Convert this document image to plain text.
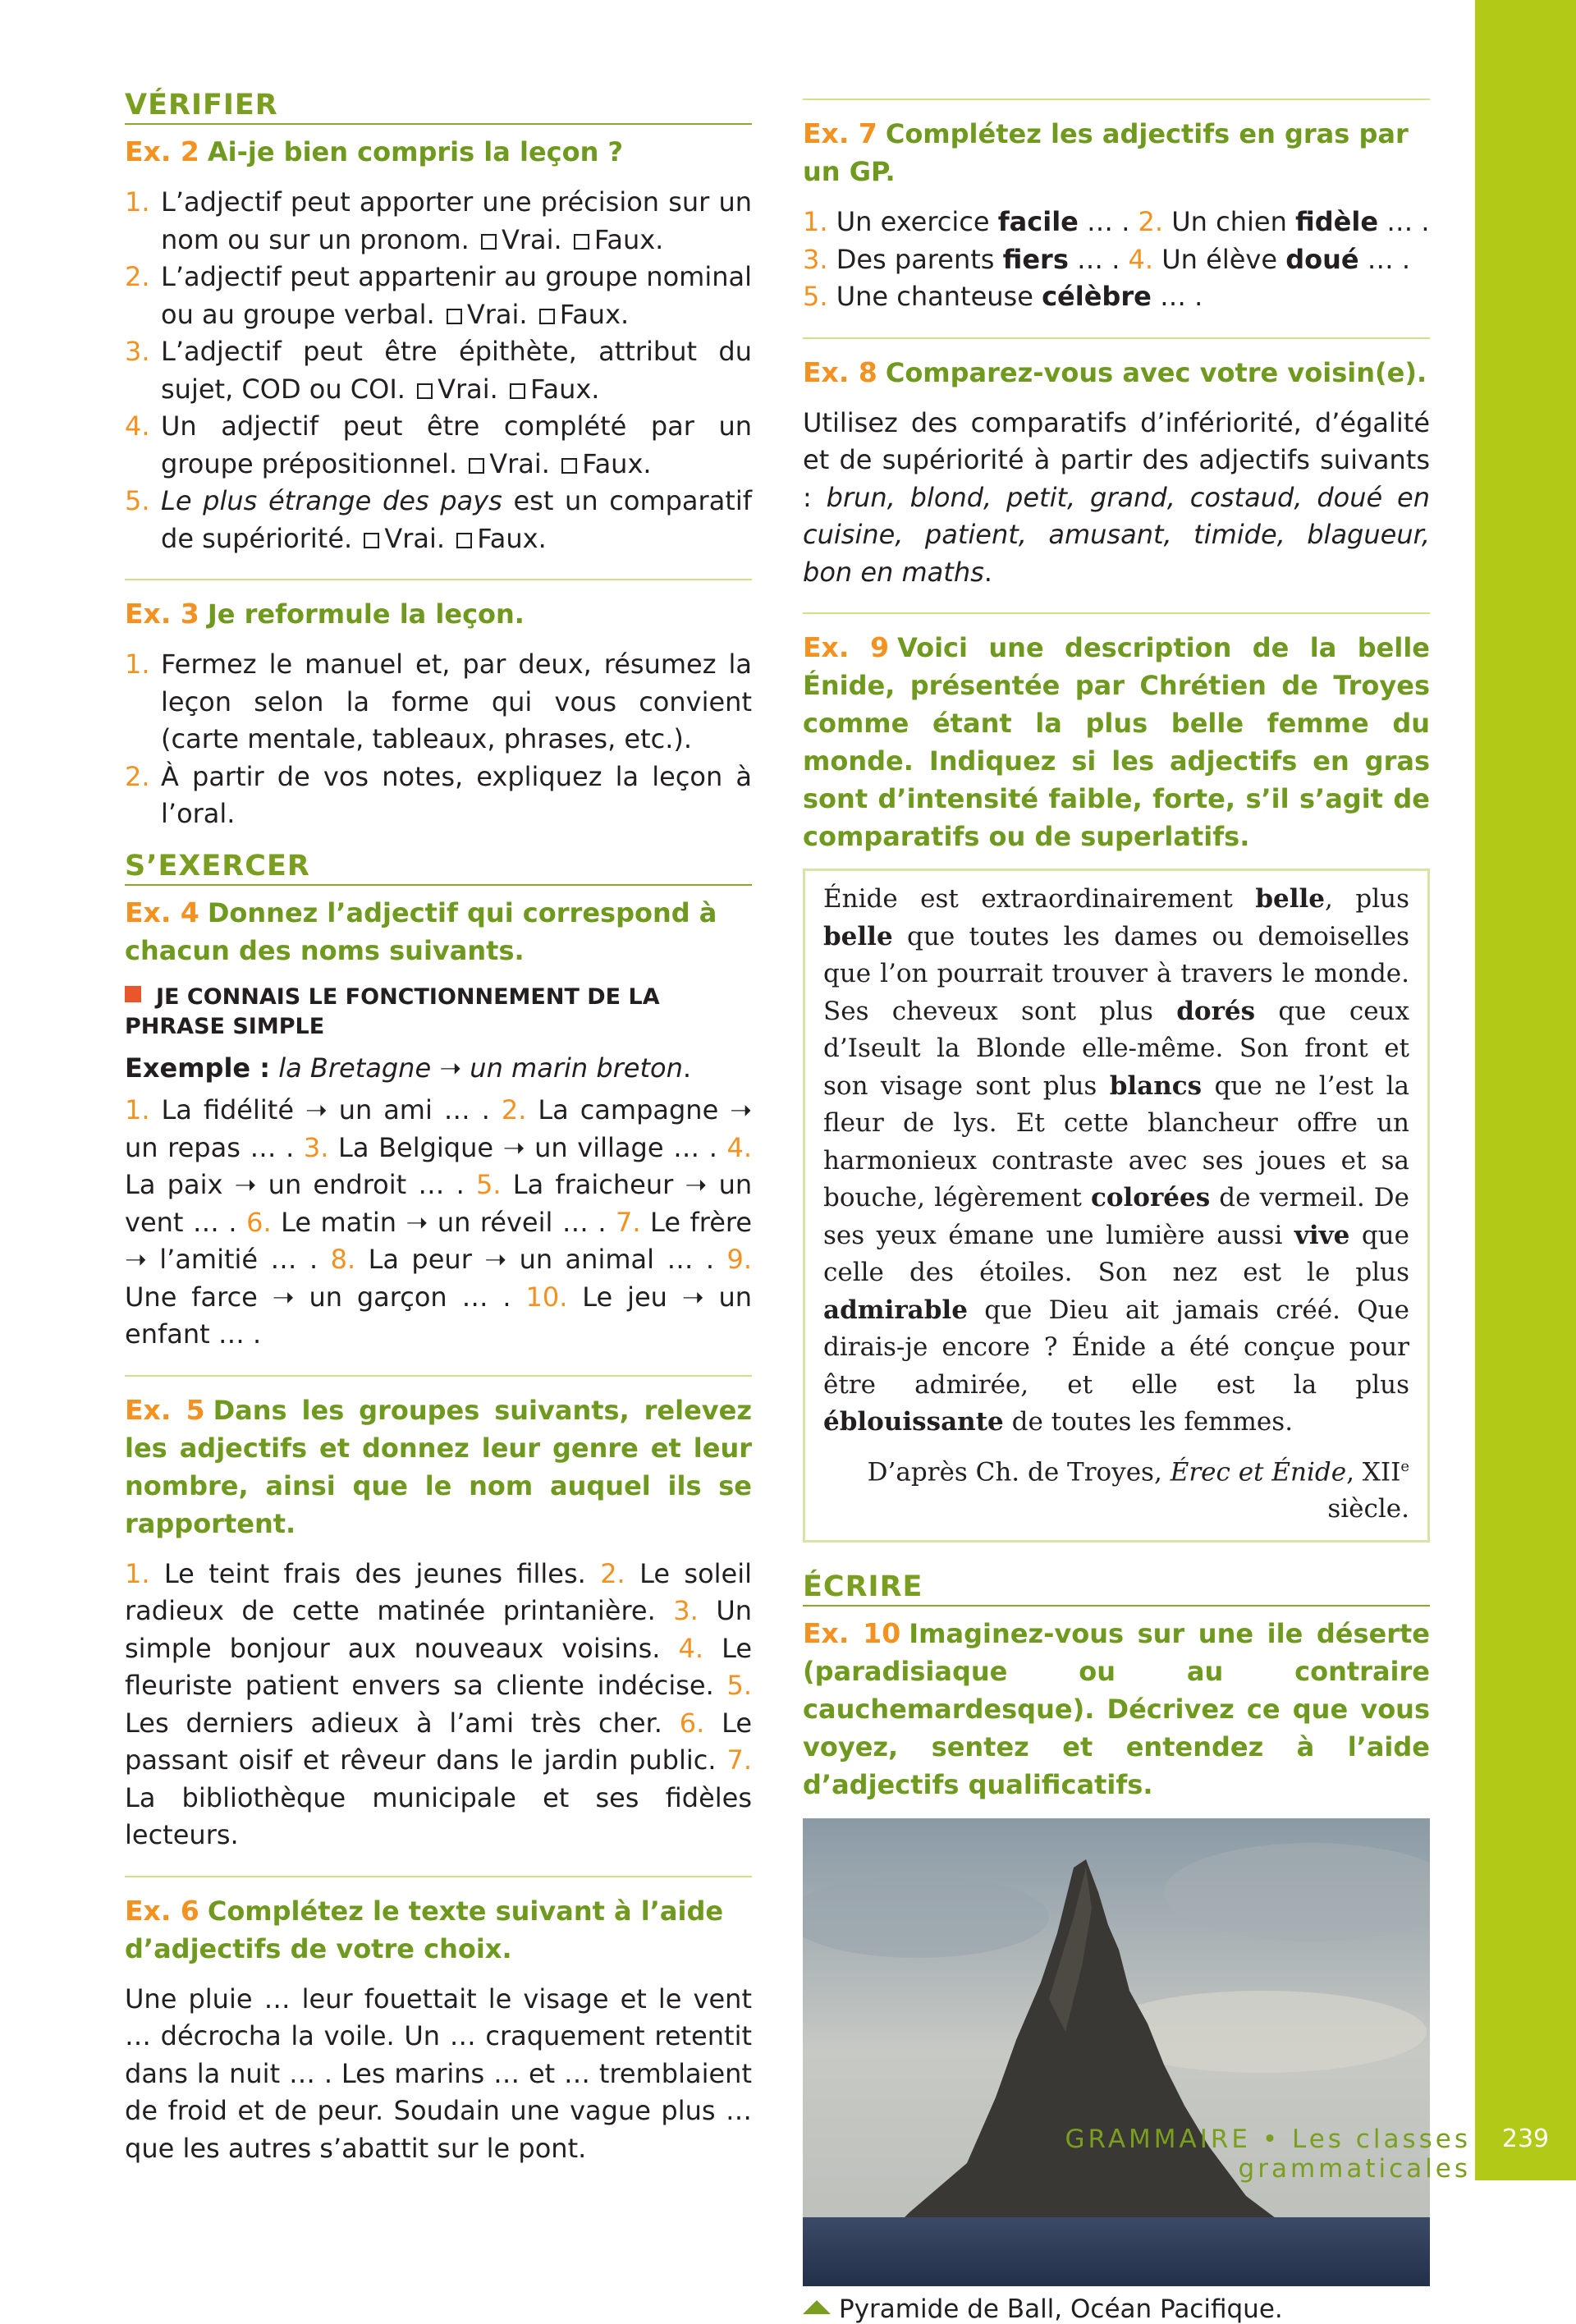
VÉRIFIER
Ex. 2 Ai-je bien compris la leçon ?
1. L’adjectif peut apporter une précision sur un nom ou sur un pronom. Vrai. Faux.
2. L’adjectif peut appartenir au groupe nominal ou au groupe verbal. Vrai. Faux.
3. L’adjectif peut être épithète, attribut du sujet, COD ou COI. Vrai. Faux.
4. Un adjectif peut être complété par un groupe prépositionnel. Vrai. Faux.
5. Le plus étrange des pays est un comparatif de supériorité. Vrai. Faux.
Ex. 3 Je reformule la leçon.
1. Fermez le manuel et, par deux, résumez la leçon selon la forme qui vous convient (carte mentale, tableaux, phrases, etc.).
2. À partir de vos notes, expliquez la leçon à l’oral.
S’EXERCER
Ex. 4 Donnez l’adjectif qui correspond à chacun des noms suivants.
JE CONNAIS LE FONCTIONNEMENT DE LA PHRASE SIMPLE

Exemple : la Bretagne ➝ un marin breton.

1. La fidélité ➝ un ami … . 2. La campagne ➝ un repas … . 3. La Belgique ➝ un village … . 4. La paix ➝ un endroit … . 5. La fraicheur ➝ un vent … . 6. Le matin ➝ un réveil … . 7. Le frère ➝ l’amitié … . 8. La peur ➝ un animal … . 9. Une farce ➝ un garçon … . 10. Le jeu ➝ un enfant … .

Ex. 5 Dans les groupes suivants, relevez les adjectifs et donnez leur genre et leur nombre, ainsi que le nom auquel ils se rapportent.

1. Le teint frais des jeunes filles. 2. Le soleil radieux de cette matinée printanière. 3. Un simple bonjour aux nouveaux voisins. 4. Le fleuriste patient envers sa cliente indécise. 5. Les derniers adieux à l’ami très cher. 6. Le passant oisif et rêveur dans le jardin public. 7. La bibliothèque municipale et ses fidèles lecteurs.

Ex. 6 Complétez le texte suivant à l’aide d’adjectifs de votre choix.

Une pluie … leur fouettait le visage et le vent … décrocha la voile. Un … craquement retentit dans la nuit … . Les marins … et … tremblaient de froid et de peur. Soudain une vague plus … que les autres s’abattit sur le pont.

Ex. 7 Complétez les adjectifs en gras par un GP.

1. Un exercice facile … . 2. Un chien fidèle … .
3. Des parents fiers … . 4. Un élève doué … .
5. Une chanteuse célèbre … .

Ex. 8 Comparez-vous avec votre voisin(e).

Utilisez des comparatifs d’infériorité, d’égalité et de supériorité à partir des adjectifs suivants : brun, blond, petit, grand, costaud, doué en cuisine, patient, amusant, timide, blagueur, bon en maths.

Ex. 9 Voici une description de la belle Énide, présentée par Chrétien de Troyes comme étant la plus belle femme du monde. Indiquez si les adjectifs en gras sont d’intensité faible, forte, s’il s’agit de comparatifs ou de superlatifs.
Énide est extraordinairement belle, plus belle que toutes les dames ou demoiselles que l’on pourrait trouver à travers le monde. Ses cheveux sont plus dorés que ceux d’Iseult la Blonde elle-même. Son front et son visage sont plus blancs que ne l’est la fleur de lys. Et cette blancheur offre un harmonieux contraste avec ses joues et sa bouche, légèrement colorées de vermeil. De ses yeux émane une lumière aussi vive que celle des étoiles. Son nez est le plus admirable que Dieu ait jamais créé. Que dirais-je encore ? Énide a été conçue pour être admirée, et elle est la plus éblouissante de toutes les femmes.
D’après Ch. de Troyes, Érec et Énide, XIIe siècle.
ÉCRIRE
Ex. 10 Imaginez-vous sur une ile déserte (paradisiaque ou au contraire cauchemardesque). Décrivez ce que vous voyez, sentez et entendez à l’aide d’adjectifs qualificatifs.
Pyramide de Ball, Océan Pacifique.
GRAMMAIRE • Les classes grammaticales
239
